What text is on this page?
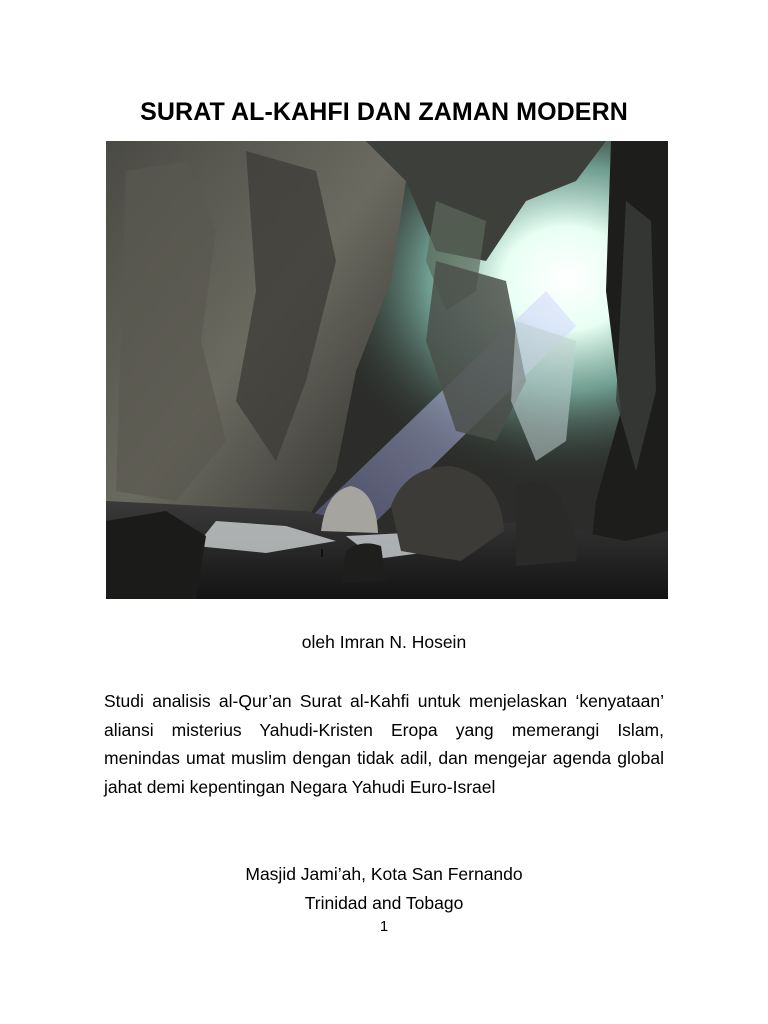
SURAT AL-KAHFI DAN ZAMAN MODERN

oleh Imran N. Hosein

Studi analisis al-Qur’an Surat al-Kahfi untuk menjelaskan ‘kenyataan’ aliansi misterius Yahudi-Kristen Eropa yang memerangi Islam, menindas umat muslim dengan tidak adil, dan mengejar agenda global jahat demi kepentingan Negara Yahudi Euro-Israel

Masjid Jami’ah, Kota San Fernando

Trinidad and Tobago

1
